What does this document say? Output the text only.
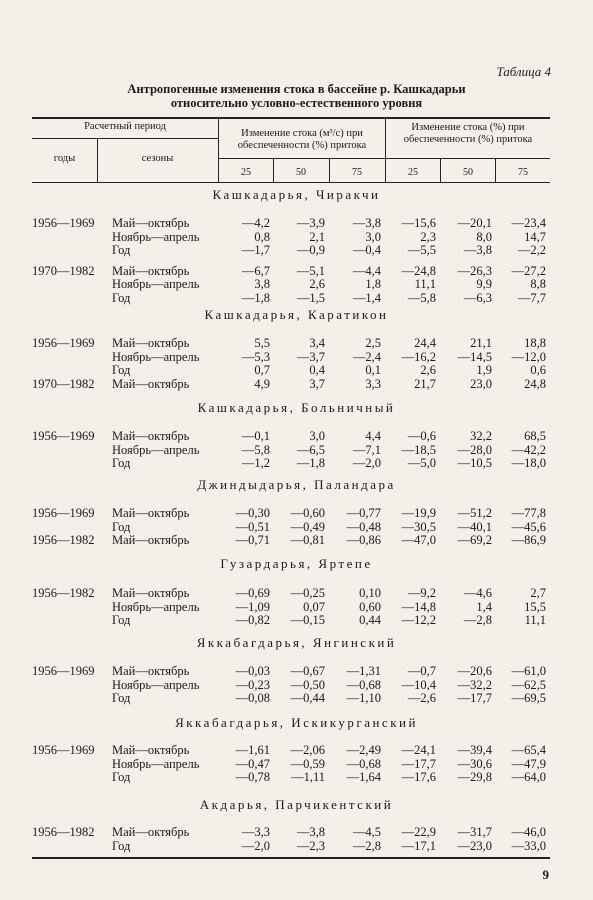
Таблица 4
Антропогенные изменения стока в бассейне р. Кашкадарьи
относительно условно-естественного уровня
Расчетный период
годы	сезоны
Изменение стока (м³/с) при обеспеченности (%) притока
Изменение стока (%) при обеспеченности (%) притока
25	50	75	25	50	75
Кашкадарья, Чиракчи
1956—1969	Май—октябрь	—4,2	—3,9	—3,8	—15,6	—20,1	—23,4
Ноябрь—апрель	0,8	2,1	3,0	2,3	8,0	14,7
Год	—1,7	—0,9	—0,4	—5,5	—3,8	—2,2
1970—1982	Май—октябрь	—6,7	—5,1	—4,4	—24,8	—26,3	—27,2
Ноябрь—апрель	3,8	2,6	1,8	11,1	9,9	8,8
Год	—1,8	—1,5	—1,4	—5,8	—6,3	—7,7
Кашкадарья, Каратикон
1956—1969	Май—октябрь	5,5	3,4	2,5	24,4	21,1	18,8
Ноябрь—апрель	—5,3	—3,7	—2,4	—16,2	—14,5	—12,0
Год	0,7	0,4	0,1	2,6	1,9	0,6
1970—1982	Май—октябрь	4,9	3,7	3,3	21,7	23,0	24,8
Кашкадарья, Больничный
1956—1969	Май—октябрь	—0,1	3,0	4,4	—0,6	32,2	68,5
Ноябрь—апрель	—5,8	—6,5	—7,1	—18,5	—28,0	—42,2
Год	—1,2	—1,8	—2,0	—5,0	—10,5	—18,0
Джиндыдарья, Паландара
1956—1969	Май—октябрь	—0,30	—0,60	—0,77	—19,9	—51,2	—77,8
Год	—0,51	—0,49	—0,48	—30,5	—40,1	—45,6
1956—1982	Май—октябрь	—0,71	—0,81	—0,86	—47,0	—69,2	—86,9
Гузардарья, Яртепе
1956—1982	Май—октябрь	—0,69	—0,25	0,10	—9,2	—4,6	2,7
Ноябрь—апрель	—1,09	0,07	0,60	—14,8	1,4	15,5
Год	—0,82	—0,15	0,44	—12,2	—2,8	11,1
Яккабагдарья, Янгинский
1956—1969	Май—октябрь	—0,03	—0,67	—1,31	—0,7	—20,6	—61,0
Ноябрь—апрель	—0,23	—0,50	—0,68	—10,4	—32,2	—62,5
Год	—0,08	—0,44	—1,10	—2,6	—17,7	—69,5
Яккабагдарья, Искикурганский
1956—1969	Май—октябрь	—1,61	—2,06	—2,49	—24,1	—39,4	—65,4
Ноябрь—апрель	—0,47	—0,59	—0,68	—17,7	—30,6	—47,9
Год	—0,78	—1,11	—1,64	—17,6	—29,8	—64,0
Акдарья, Парчикентский
1956—1982	Май—октябрь	—3,3	—3,8	—4,5	—22,9	—31,7	—46,0
Год	—2,0	—2,3	—2,8	—17,1	—23,0	—33,0
9
